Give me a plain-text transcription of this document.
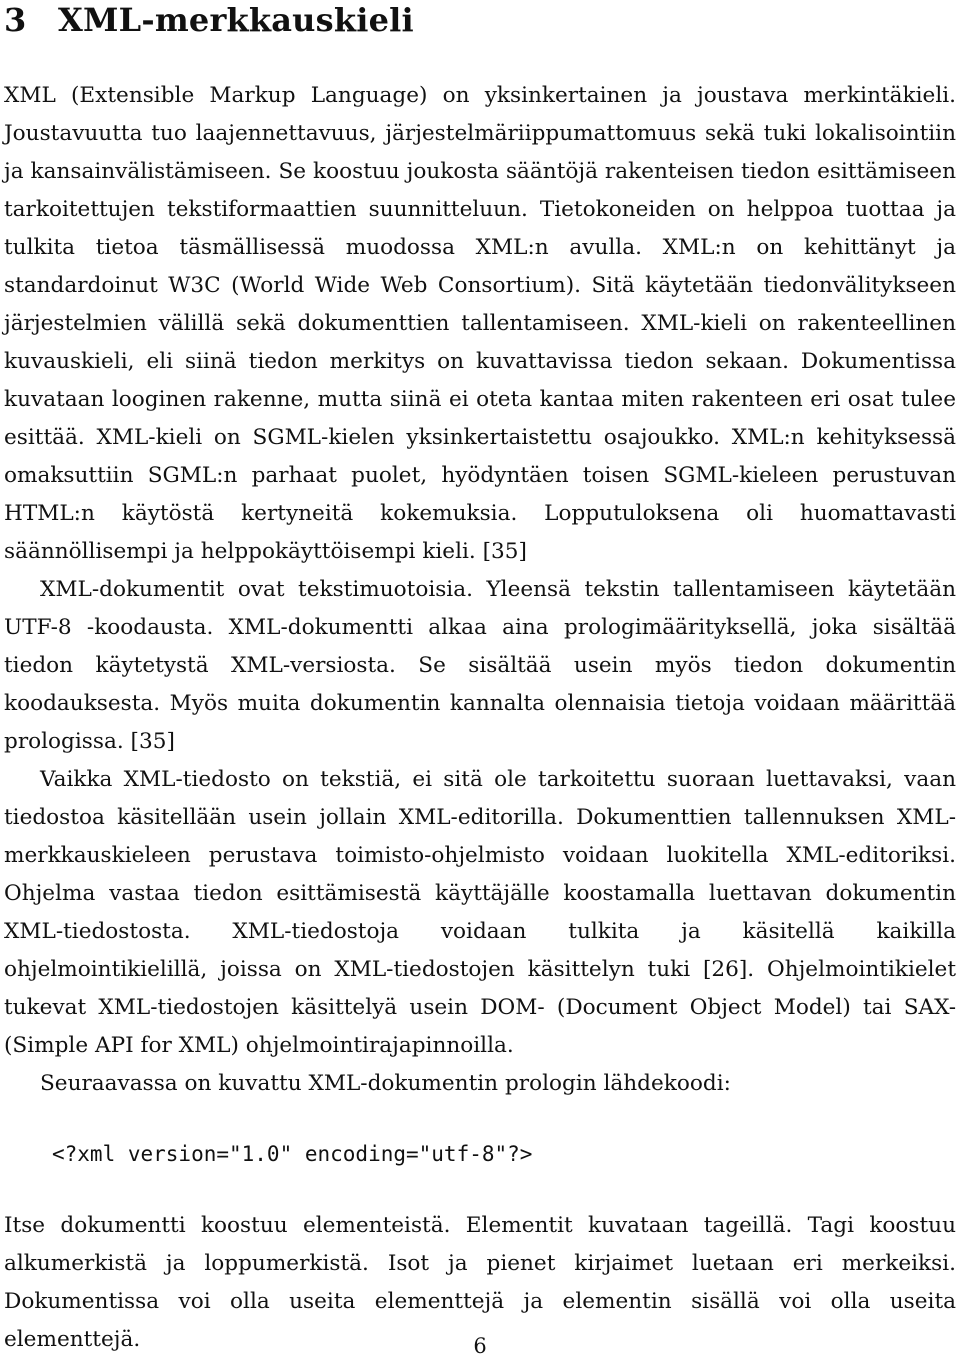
3 XML-merkkauskieli

XML (Extensible Markup Language) on yksinkertainen ja joustava merkintäkieli. Joustavuutta tuo laajennettavuus, järjestelmäriippumattomuus sekä tuki lokalisointiin ja kansainvälistämiseen. Se koostuu joukosta sääntöjä rakenteisen tiedon esittämiseen tarkoitettujen tekstiformaattien suunnitteluun. Tietokoneiden on helppoa tuottaa ja tulkita tietoa täsmällisessä muodossa XML:n avulla. XML:n on kehittänyt ja standardoinut W3C (World Wide Web Consortium). Sitä käytetään tiedonvälitykseen järjestelmien välillä sekä dokumenttien tallentamiseen. XML-kieli on rakenteellinen kuvauskieli, eli siinä tiedon merkitys on kuvattavissa tiedon sekaan. Dokumentissa kuvataan looginen rakenne, mutta siinä ei oteta kantaa miten rakenteen eri osat tulee esittää. XML-kieli on SGML-kielen yksinkertaistettu osajoukko. XML:n kehityksessä omaksuttiin SGML:n parhaat puolet, hyödyntäen toisen SGML-kieleen perustuvan HTML:n käytöstä kertyneitä kokemuksia. Lopputuloksena oli huomattavasti säännöllisempi ja helppokäyttöisempi kieli. [35]

XML-dokumentit ovat tekstimuotoisia. Yleensä tekstin tallentamiseen käytetään UTF-8 -koodausta. XML-dokumentti alkaa aina prologimäärityksellä, joka sisältää tiedon käytetystä XML-versiosta. Se sisältää usein myös tiedon dokumentin koodauksesta. Myös muita dokumentin kannalta olennaisia tietoja voidaan määrittää prologissa. [35]

Vaikka XML-tiedosto on tekstiä, ei sitä ole tarkoitettu suoraan luettavaksi, vaan tiedostoa käsitellään usein jollain XML-editorilla. Dokumenttien tallennuksen XML-merkkauskieleen perustava toimisto-ohjelmisto voidaan luokitella XML-editoriksi. Ohjelma vastaa tiedon esittämisestä käyttäjälle koostamalla luettavan dokumentin XML-tiedostosta. XML-tiedostoja voidaan tulkita ja käsitellä kaikilla ohjelmointikielillä, joissa on XML-tiedostojen käsittelyn tuki [26]. Ohjelmointikielet tukevat XML-tiedostojen käsittelyä usein DOM- (Document Object Model) tai SAX- (Simple API for XML) ohjelmointirajapinnoilla.

Seuraavassa on kuvattu XML-dokumentin prologin lähdekoodi:

<?xml version="1.0" encoding="utf-8"?>

Itse dokumentti koostuu elementeistä. Elementit kuvataan tageillä. Tagi koostuu alkumerkistä ja loppumerkistä. Isot ja pienet kirjaimet luetaan eri merkeiksi. Dokumentissa voi olla useita elementtejä ja elementin sisällä voi olla useita elementtejä.	6
